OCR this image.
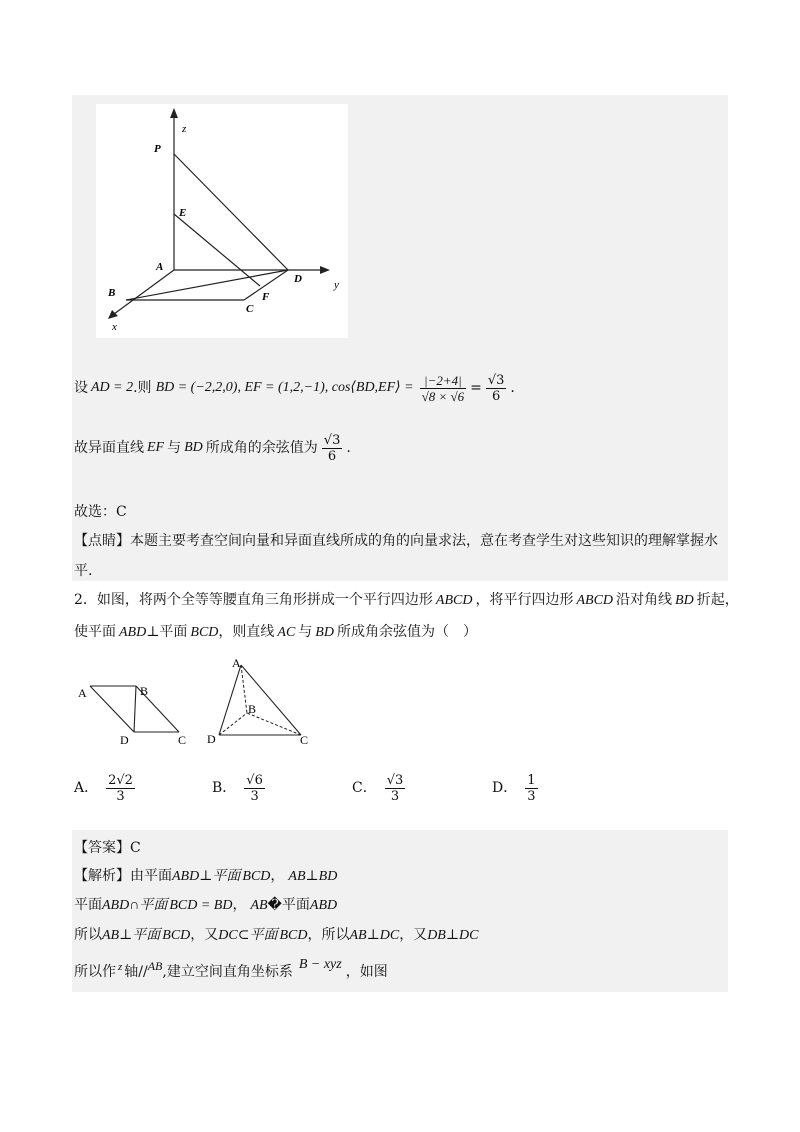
z
P
E
A
D	y
B	F
C
x
设 AD = 2 .则 BD = (−2,2,0), EF = (1,2,−1), cos⟨BD,EF⟩ = $\frac{|-2+4|}{√8 \times √6} = \frac{√3}{6}$ .
故异面直线 EF 与 BD 所成角的余弦值为 $\frac{√3}{6}$ .
故选：C
【点睛】本题主要考查空间向量和异面直线所成的角的向量求法，意在考查学生对这些知识的理解掌握水
平.
2．如图，将两个全等等腰直角三角形拼成一个平行四边形 ABCD ，将平行四边形 ABCD 沿对角线 BD 折起，
使平面 ABD⊥平面 BCD，则直线 AC 与 BD 所成角余弦值为（　）
A	B
D	C
A
B
D	C
A． $\frac{2√2}{3}$	B． $\frac{√6}{3}$	C． $\frac{√3}{3}$	D． $\frac{1}{3}$
【答案】C
【解析】由平面ABD⊥平面 BCD， AB⊥BD
平面ABD∩平面 BCD = BD， AB�平面ABD
所以AB⊥平面 BCD，又DC⊂平面 BCD，所以AB⊥DC，又DB⊥DC
所以作 $^z$ 轴//AB,建立空间直角坐标系 B − xyz ，如图
